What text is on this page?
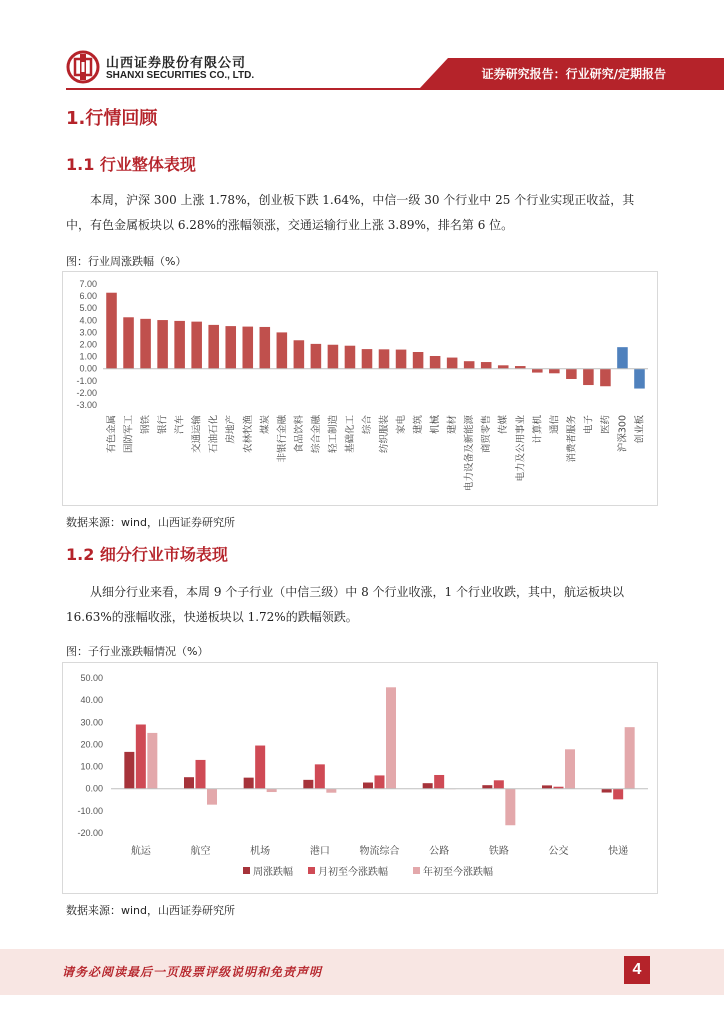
山西证券股份有限公司
SHANXI SECURITIES CO., LTD.	证券研究报告：行业研究/定期报告
1.行情回顾
1.1 行业整体表现
本周，沪深 300 上涨 1.78%，创业板下跌 1.64%，中信一级 30 个行业中 25 个行业实现正收益，其中，有色金属板块以 6.28%的涨幅领涨，交通运输行业上涨 3.89%，排名第 6 位。
图：行业周涨跌幅（%）
7.00
6.00
5.00
4.00
3.00
2.00
1.00
0.00
-1.00
-2.00
-3.00
有色金属 国防军工 钢铁 银行 汽车 交通运输 石油石化 房地产 农林牧渔 煤炭 非银行金融 食品饮料 综合金融 轻工制造 基础化工 综合 纺织服装 家电 建筑 机械 建材 电力设备及新能源 商贸零售 传媒 电力及公用事业 计算机 通信 消费者服务 电子 医药 沪深300 创业板
数据来源：wind，山西证券研究所
1.2 细分行业市场表现
从细分行业来看，本周 9 个子行业（中信三级）中 8 个行业收涨，1 个行业收跌，其中，航运板块以 16.63%的涨幅收涨，快递板块以 1.72%的跌幅领跌。
图：子行业涨跌幅情况（%）
50.00
40.00
30.00
20.00
10.00
0.00
-10.00
-20.00
航运	航空	机场	港口	物流综合	公路	铁路	公交	快递
周涨跌幅	月初至今涨跌幅	年初至今涨跌幅
数据来源：wind，山西证券研究所
请务必阅读最后一页股票评级说明和免责声明	4
